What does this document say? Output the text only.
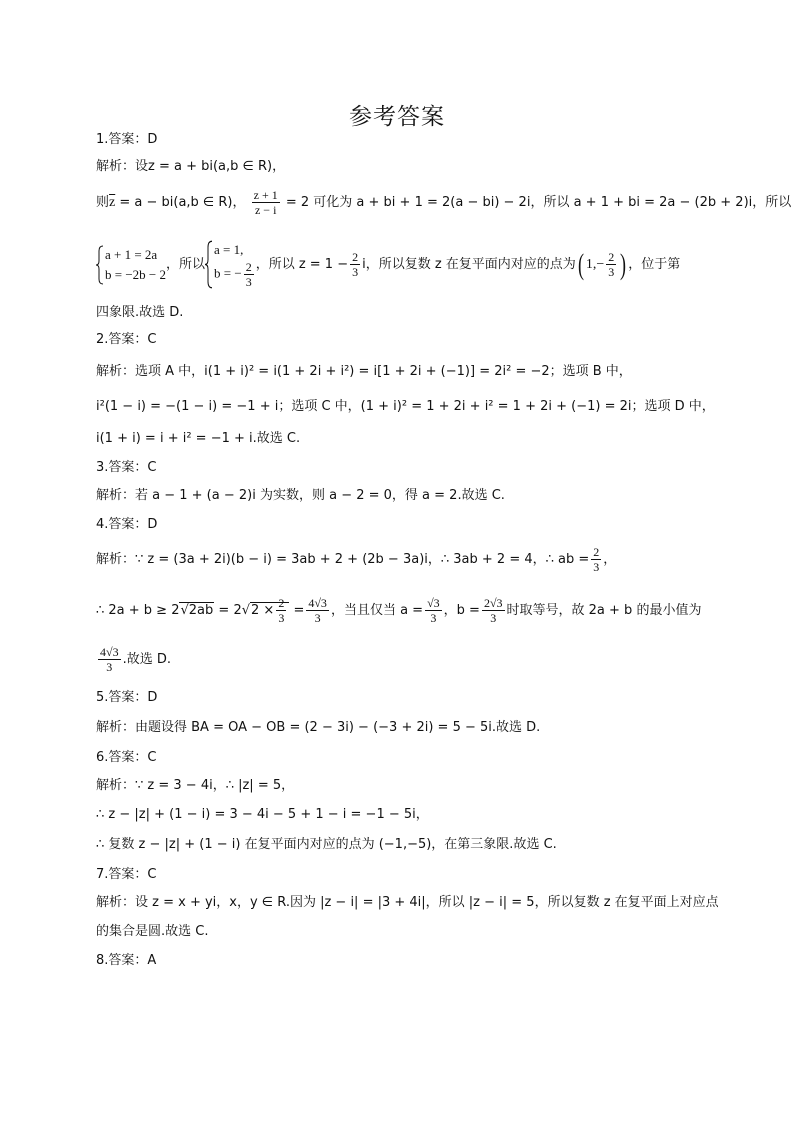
参考答案
1.答案：D
解析：设z = a + bi(a,b ∈ R)，
则$\overline{z} = a - bi(a,b$ ∈ R)， $\frac{z + 1}{z - i} = 2$ 可化为 a + bi + 1 = 2(a − bi) − 2i，所以 a + 1 + bi = 2a − (2b + 2)i，所以
a + 1 = 2a
b = −2b − 2
，所以
a = 1,
b = − $\frac{2}{3}$ ，所以 $z = 1 - \frac{2}{3}$ i，所以复数 z 在复平面内对应的点为( $1,- \frac{2}{3}$ ) ，位于第
四象限.故选 D.
2.答案：C
解析：选项 A 中，i(1 + i)² = i(1 + 2i + i²) = i[1 + 2i + (−1)] = 2i² = −2；选项 B 中，
i²(1 − i) = −(1 − i) = −1 + i；选项 C 中，(1 + i)² = 1 + 2i + i² = 1 + 2i + (−1) = 2i；选项 D 中，
i(1 + i) = i + i² = −1 + i.故选 C.
3.答案：C
解析：若 a − 1 + (a − 2)i 为实数，则 a − 2 = 0，得 a = 2.故选 C.
4.答案：D
解析：∵ z = (3a + 2i)(b − i) = 3ab + 2 + (2b − 3a)i，∴ 3ab + 2 = 4，∴ ab = $\frac{2}{3}$ ，
∴ $2a + b \ge 2√2ab = 2√2 \times \frac{2}{3} = \frac{4√3}{3}$ ，当且仅当 $a = \frac{√3}{3}$ ，$b = \frac{2√3}{3}$ 时取等号，故 2a + b 的最小值为
$\frac{4√3}{3}$ .故选 D.
5.答案：D
解析：由题设得 BA = OA − OB = (2 − 3i) − (−3 + 2i) = 5 − 5i.故选 D.
6.答案：C
解析：∵ z = 3 − 4i，∴ |z| = 5，
∴ z − |z| + (1 − i) = 3 − 4i − 5 + 1 − i = −1 − 5i，
∴ 复数 z − |z| + (1 − i) 在复平面内对应的点为 (−1,−5)，在第三象限.故选 C.
7.答案：C
解析：设 z = x + yi，x，y ∈ R.因为 |z − i| = |3 + 4i|，所以 |z − i| = 5，所以复数 z 在复平面上对应点
的集合是圆.故选 C.
8.答案：A
